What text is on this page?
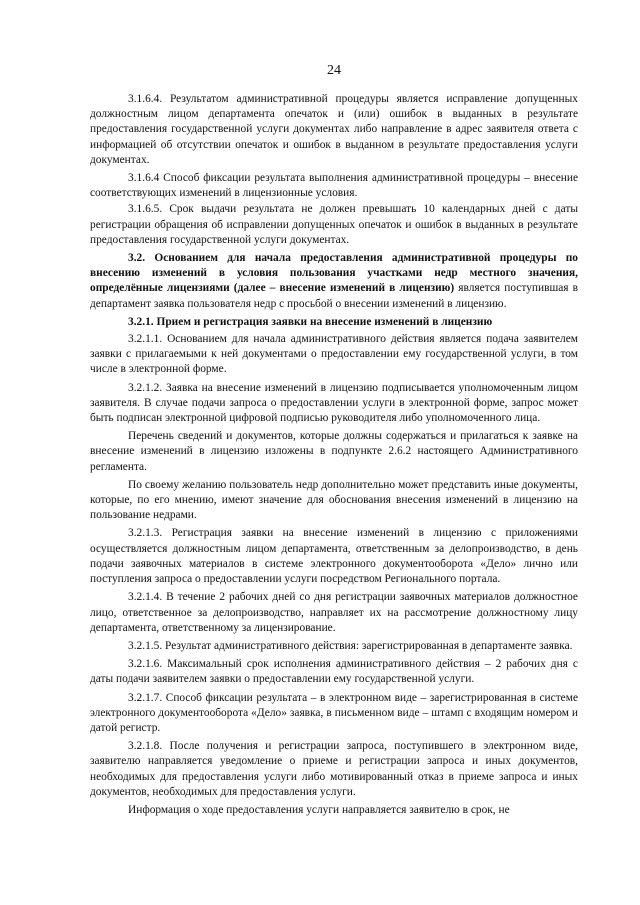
24

3.1.6.4. Результатом административной процедуры является исправление допущенных должностным лицом департамента опечаток и (или) ошибок в выданных в результате предоставления государственной услуги документах либо направление в адрес заявителя ответа с информацией об отсутствии опечаток и ошибок в выданном в результате предоставления услуги документах.

3.1.6.4 Способ фиксации результата выполнения административной процедуры – внесение соответствующих изменений в лицензионные условия.

3.1.6.5. Срок выдачи результата не должен превышать 10 календарных дней с даты регистрации обращения об исправлении допущенных опечаток и ошибок в выданных в результате предоставления государственной услуги документах.

3.2. Основанием для начала предоставления административной процедуры по внесению изменений в условия пользования участками недр местного значения, определённые лицензиями (далее – внесение изменений в лицензию) является поступившая в департамент заявка пользователя недр с просьбой о внесении изменений в лицензию.

3.2.1. Прием и регистрация заявки на внесение изменений в лицензию

3.2.1.1. Основанием для начала административного действия является подача заявителем заявки с прилагаемыми к ней документами о предоставлении ему государственной услуги, в том числе в электронной форме.

3.2.1.2. Заявка на внесение изменений в лицензию подписывается уполномоченным лицом заявителя. В случае подачи запроса о предоставлении услуги в электронной форме, запрос может быть подписан электронной цифровой подписью руководителя либо уполномоченного лица.

Перечень сведений и документов, которые должны содержаться и прилагаться к заявке на внесение изменений в лицензию изложены в подпункте 2.6.2 настоящего Административного регламента.

По своему желанию пользователь недр дополнительно может представить иные документы, которые, по его мнению, имеют значение для обоснования внесения изменений в лицензию на пользование недрами.

3.2.1.3. Регистрация заявки на внесение изменений в лицензию с приложениями осуществляется должностным лицом департамента, ответственным за делопроизводство, в день подачи заявочных материалов в системе электронного документооборота «Дело» лично или поступления запроса о предоставлении услуги посредством Регионального портала.

3.2.1.4. В течение 2 рабочих дней со дня регистрации заявочных материалов должностное лицо, ответственное за делопроизводство, направляет их на рассмотрение должностному лицу департамента, ответственному за лицензирование.

3.2.1.5. Результат административного действия: зарегистрированная в департаменте заявка.

3.2.1.6. Максимальный срок исполнения административного действия – 2 рабочих дня с даты подачи заявителем заявки о предоставлении ему государственной услуги.

3.2.1.7. Способ фиксации результата – в электронном виде – зарегистрированная в системе электронного документооборота «Дело» заявка, в письменном виде – штамп с входящим номером и датой регистр.

3.2.1.8. После получения и регистрации запроса, поступившего в электронном виде, заявителю направляется уведомление о приеме и регистрации запроса и иных документов, необходимых для предоставления услуги либо мотивированный отказ в приеме запроса и иных документов, необходимых для предоставления услуги.

Информация о ходе предоставления услуги направляется заявителю в срок, не
